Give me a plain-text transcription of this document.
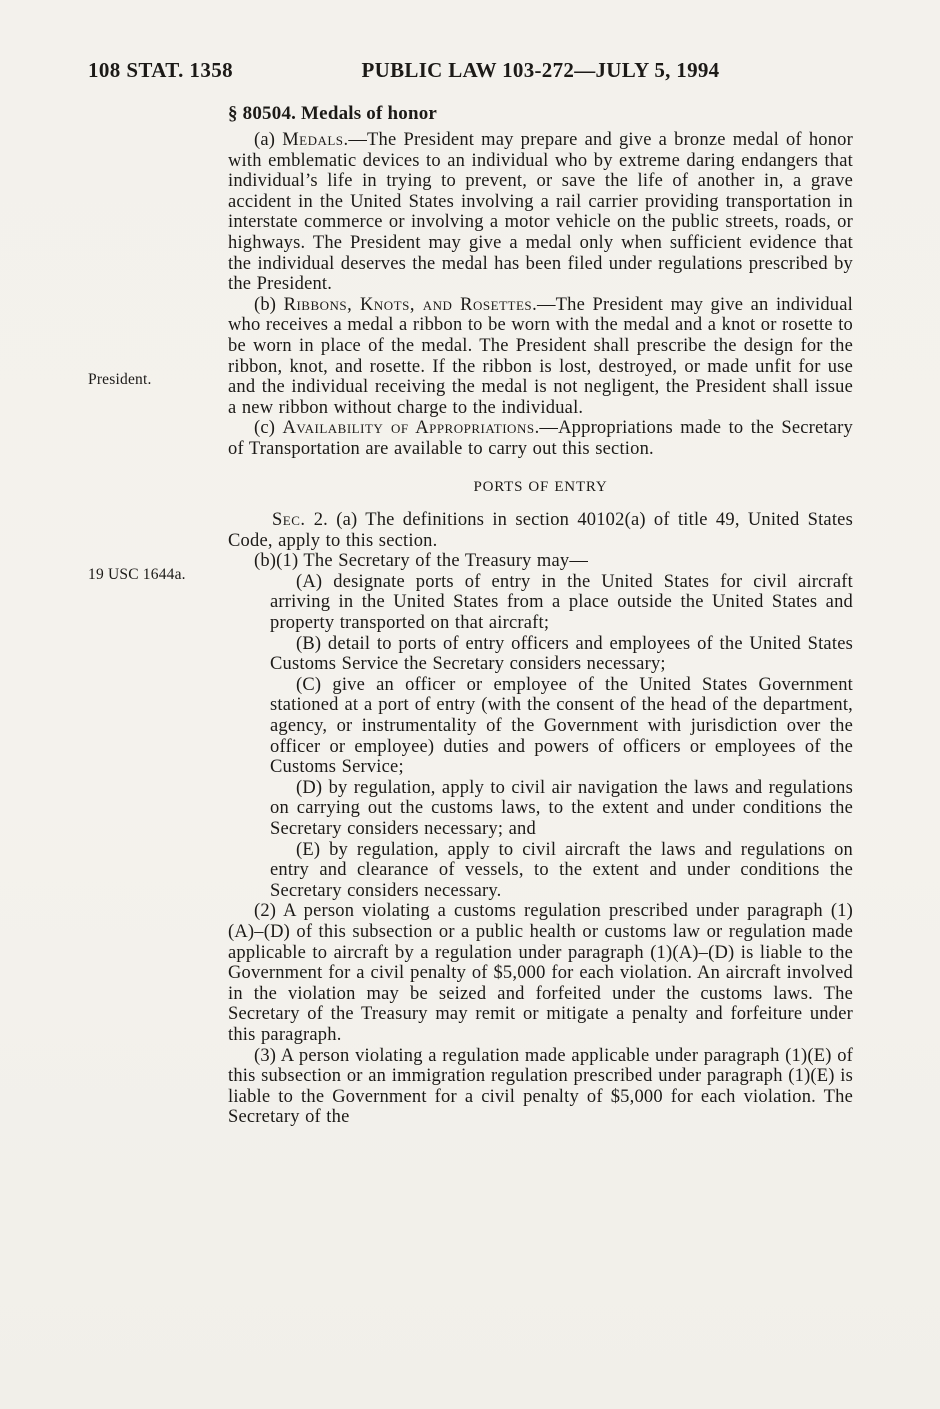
108 STAT. 1358	PUBLIC LAW 103-272—JULY 5, 1994
President.
19 USC 1644a.
§ 80504. Medals of honor

(a) Medals.—The President may prepare and give a bronze medal of honor with emblematic devices to an individual who by extreme daring endangers that individual’s life in trying to prevent, or save the life of another in, a grave accident in the United States involving a rail carrier providing transportation in interstate commerce or involving a motor vehicle on the public streets, roads, or highways. The President may give a medal only when sufficient evidence that the individual deserves the medal has been filed under regulations prescribed by the President.

(b) Ribbons, Knots, and Rosettes.—The President may give an individual who receives a medal a ribbon to be worn with the medal and a knot or rosette to be worn in place of the medal. The President shall prescribe the design for the ribbon, knot, and rosette. If the ribbon is lost, destroyed, or made unfit for use and the individual receiving the medal is not negligent, the President shall issue a new ribbon without charge to the individual.

(c) Availability of Appropriations.—Appropriations made to the Secretary of Transportation are available to carry out this section.

PORTS OF ENTRY

Sec. 2. (a) The definitions in section 40102(a) of title 49, United States Code, apply to this section.

(b)(1) The Secretary of the Treasury may—

(A) designate ports of entry in the United States for civil aircraft arriving in the United States from a place outside the United States and property transported on that aircraft;

(B) detail to ports of entry officers and employees of the United States Customs Service the Secretary considers necessary;

(C) give an officer or employee of the United States Government stationed at a port of entry (with the consent of the head of the department, agency, or instrumentality of the Government with jurisdiction over the officer or employee) duties and powers of officers or employees of the Customs Service;

(D) by regulation, apply to civil air navigation the laws and regulations on carrying out the customs laws, to the extent and under conditions the Secretary considers necessary; and

(E) by regulation, apply to civil aircraft the laws and regulations on entry and clearance of vessels, to the extent and under conditions the Secretary considers necessary.

(2) A person violating a customs regulation prescribed under paragraph (1)(A)–(D) of this subsection or a public health or customs law or regulation made applicable to aircraft by a regulation under paragraph (1)(A)–(D) is liable to the Government for a civil penalty of $5,000 for each violation. An aircraft involved in the violation may be seized and forfeited under the customs laws. The Secretary of the Treasury may remit or mitigate a penalty and forfeiture under this paragraph.

(3) A person violating a regulation made applicable under paragraph (1)(E) of this subsection or an immigration regulation prescribed under paragraph (1)(E) is liable to the Government for a civil penalty of $5,000 for each violation. The Secretary of the
